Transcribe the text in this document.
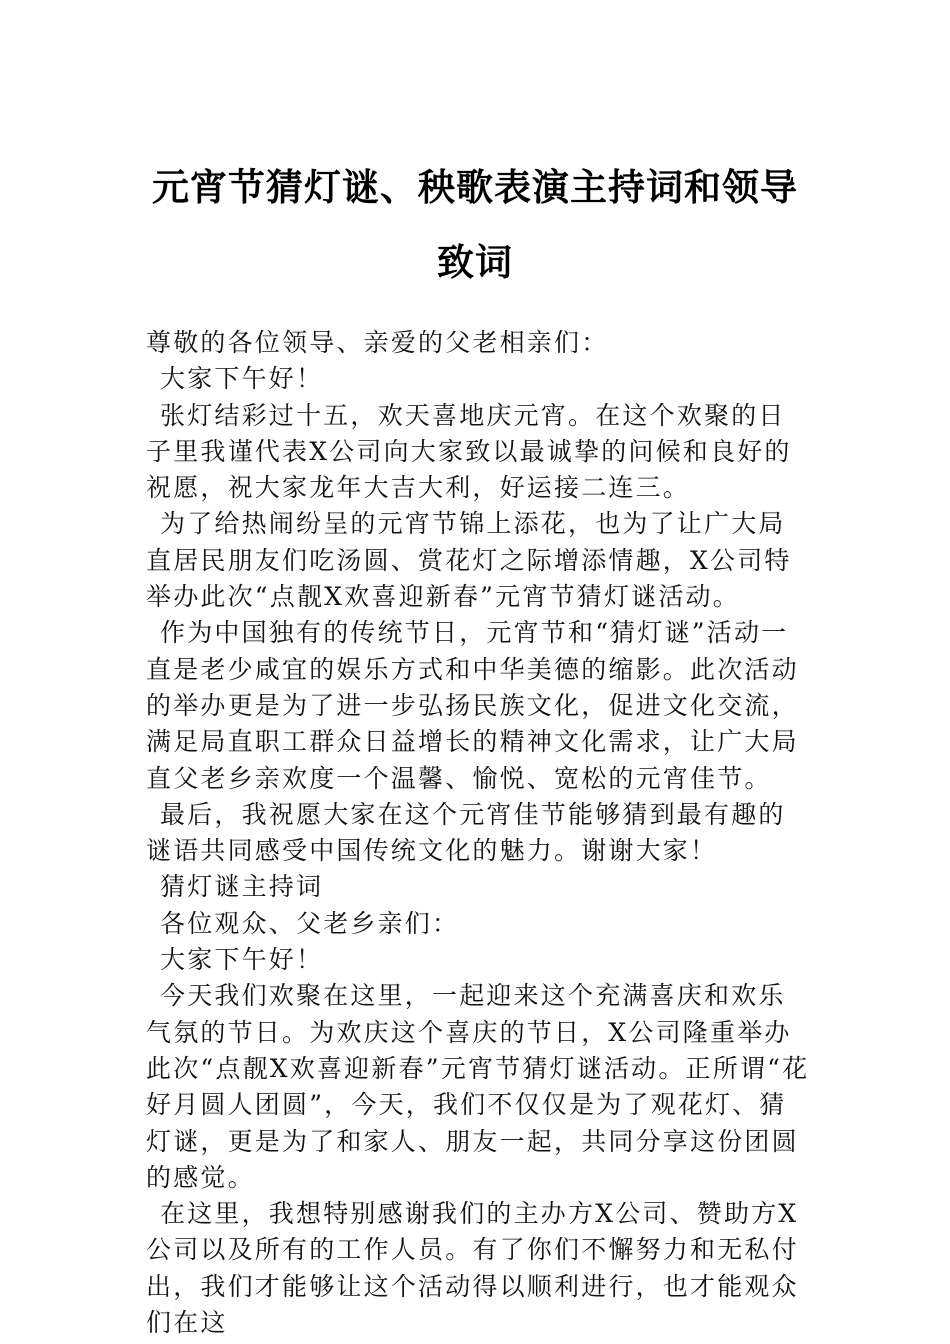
元宵节猜灯谜、秧歌表演主持词和领导致词

尊敬的各位领导、亲爱的父老相亲们：

大家下午好！

张灯结彩过十五，欢天喜地庆元宵。在这个欢聚的日子里我谨代表X公司向大家致以最诚挚的问候和良好的祝愿，祝大家龙年大吉大利，好运接二连三。

为了给热闹纷呈的元宵节锦上添花，也为了让广大局直居民朋友们吃汤圆、赏花灯之际增添情趣，X公司特举办此次“点靓X欢喜迎新春”元宵节猜灯谜活动。

作为中国独有的传统节日，元宵节和“猜灯谜”活动一直是老少咸宜的娱乐方式和中华美德的缩影。此次活动的举办更是为了进一步弘扬民族文化，促进文化交流，满足局直职工群众日益增长的精神文化需求，让广大局直父老乡亲欢度一个温馨、愉悦、宽松的元宵佳节。

最后，我祝愿大家在这个元宵佳节能够猜到最有趣的谜语共同感受中国传统文化的魅力。谢谢大家！

猜灯谜主持词

各位观众、父老乡亲们：

大家下午好！

今天我们欢聚在这里，一起迎来这个充满喜庆和欢乐气氛的节日。为欢庆这个喜庆的节日，X公司隆重举办此次“点靓X欢喜迎新春”元宵节猜灯谜活动。正所谓“花好月圆人团圆”，今天，我们不仅仅是为了观花灯、猜灯谜，更是为了和家人、朋友一起，共同分享这份团圆的感觉。

在这里，我想特别感谢我们的主办方X公司、赞助方X公司以及所有的工作人员。有了你们不懈努力和无私付出，我们才能够让这个活动得以顺利进行，也才能观众们在这
